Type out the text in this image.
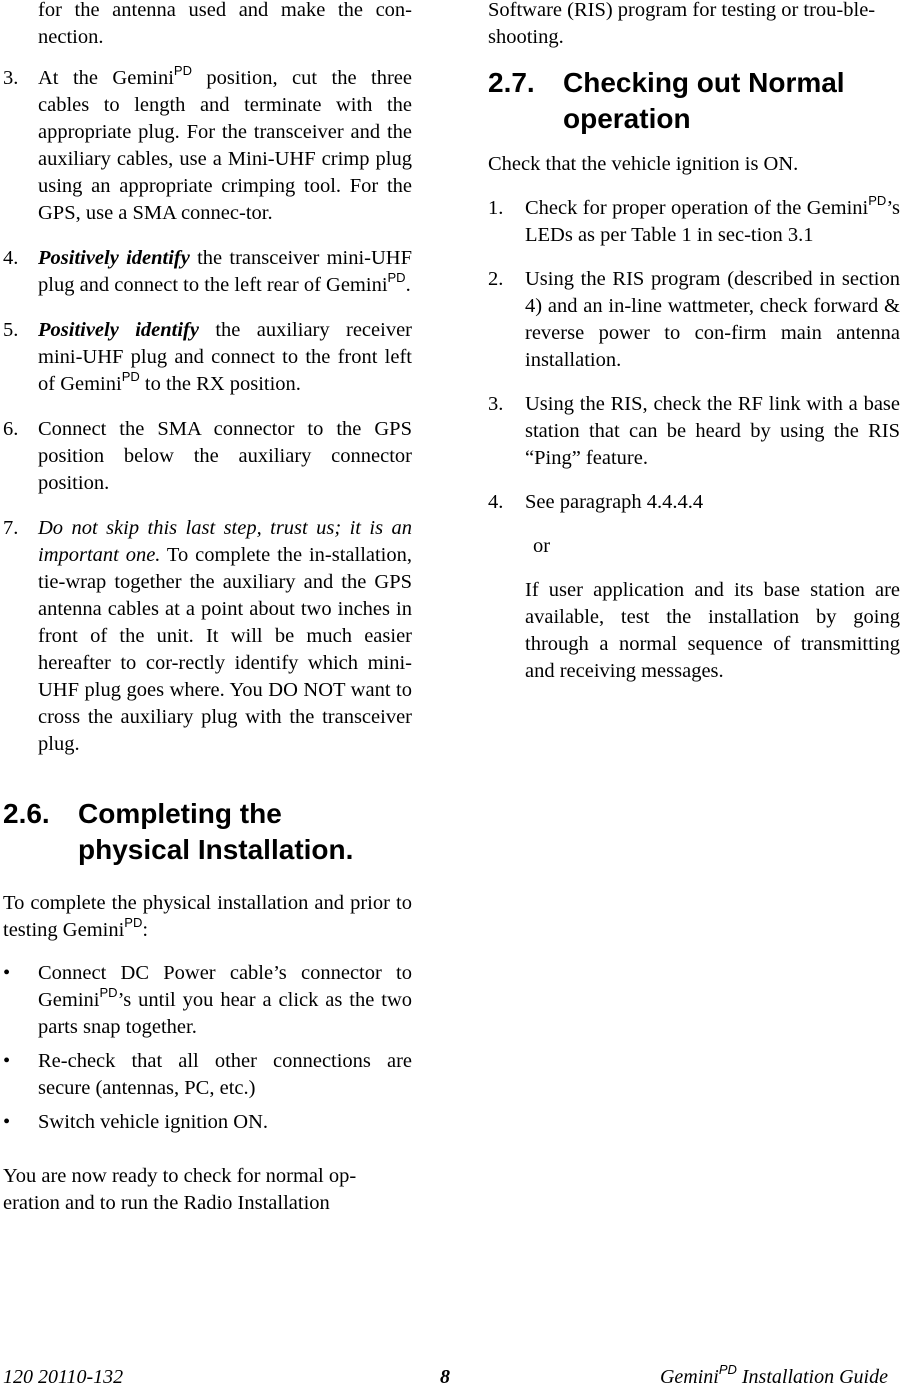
for the antenna used and make the con-nection.

3. At the Gemini$^{PD}$ position, cut the three cables to length and terminate with the appropriate plug. For the transceiver and the auxiliary cables, use a Mini-UHF crimp plug using an appropriate crimping tool. For the GPS, use a SMA connec-tor.
4. Positively identify the transceiver mini-UHF plug and connect to the left rear of Gemini$^{PD}$.
5. Positively identify the auxiliary receiver mini-UHF plug and connect to the front left of Gemini$^{PD}$ to the RX position.
6. Connect the SMA connector to the GPS position below the auxiliary connector position.
7. Do not skip this last step, trust us; it is an important one. To complete the in-stallation, tie-wrap together the auxiliary and the GPS antenna cables at a point about two inches in front of the unit. It will be much easier hereafter to cor-rectly identify which mini-UHF plug goes where. You DO NOT want to cross the auxiliary plug with the transceiver plug.
2.6. Completing the
physical Installation.

To complete the physical installation and prior to testing Gemini$^{PD}$:

• Connect DC Power cable’s connector to Gemini$^{PD}$’s until you hear a click as the two parts snap together.
• Re-check that all other connections are secure (antennas, PC, etc.)
• Switch vehicle ignition ON.

You are now ready to check for normal op-eration and to run the Radio Installation

Software (RIS) program for testing or trou-ble-shooting.

2.7. Checking out Normal
operation

Check that the vehicle ignition is ON.

1. Check for proper operation of the Gemini$^{PD}$’s LEDs as per Table 1 in sec-tion 3.1
2. Using the RIS program (described in section 4) and an in-line wattmeter, check forward & reverse power to con-firm main antenna installation.
3. Using the RIS, check the RF link with a base station that can be heard by using the RIS “Ping” feature.
4. See paragraph 4.4.4.4

or

If user application and its base station are available, test the installation by going through a normal sequence of transmitting and receiving messages.

120 20110-132	8	Gemini$^{PD}$ Installation Guide
